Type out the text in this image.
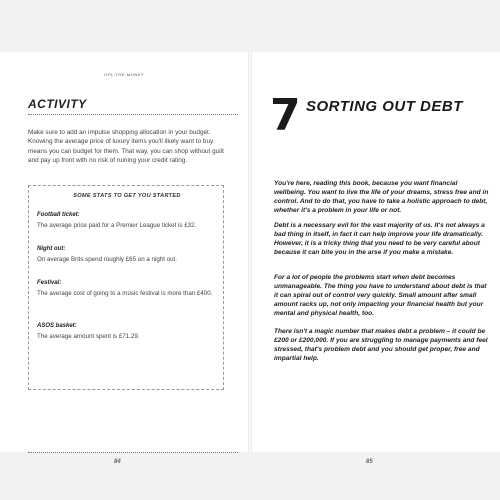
OPL-THE-MONEY
ACTIVITY
Make sure to add an impulse shopping allocation in your budget. Knowing the average price of luxury items you'll likely want to buy means you can budget for them. That way, you can shop without guilt and pay up front with no risk of ruining your credit rating.
SOME STATS TO GET YOU STARTED
Football ticket:
The average price paid for a Premier League ticket is £32.
Night out:
On average Brits spend roughly £65 on a night out.
Festival:
The average cost of going to a music festival is more than £400.
ASOS basket:
The average amount spent is £71.29.
84
7 SORTING OUT DEBT
You're here, reading this book, because you want financial wellbeing. You want to live the life of your dreams, stress free and in control. And to do that, you have to take a holistic approach to debt, whether it's a problem in your life or not.
Debt is a necessary evil for the vast majority of us. It's not always a bad thing in itself, in fact it can help improve your life dramatically. However, it is a tricky thing that you need to be very careful about because it can bite you in the arse if you make a mistake.
For a lot of people the problems start when debt becomes unmanageable. The thing you have to understand about debt is that it can spiral out of control very quickly. Small amount after small amount racks up, not only impacting your financial health but your mental and physical health, too.
There isn't a magic number that makes debt a problem – it could be £200 or £200,000. If you are struggling to manage payments and feel stressed, that's problem debt and you should get proper, free and impartial help.
85
